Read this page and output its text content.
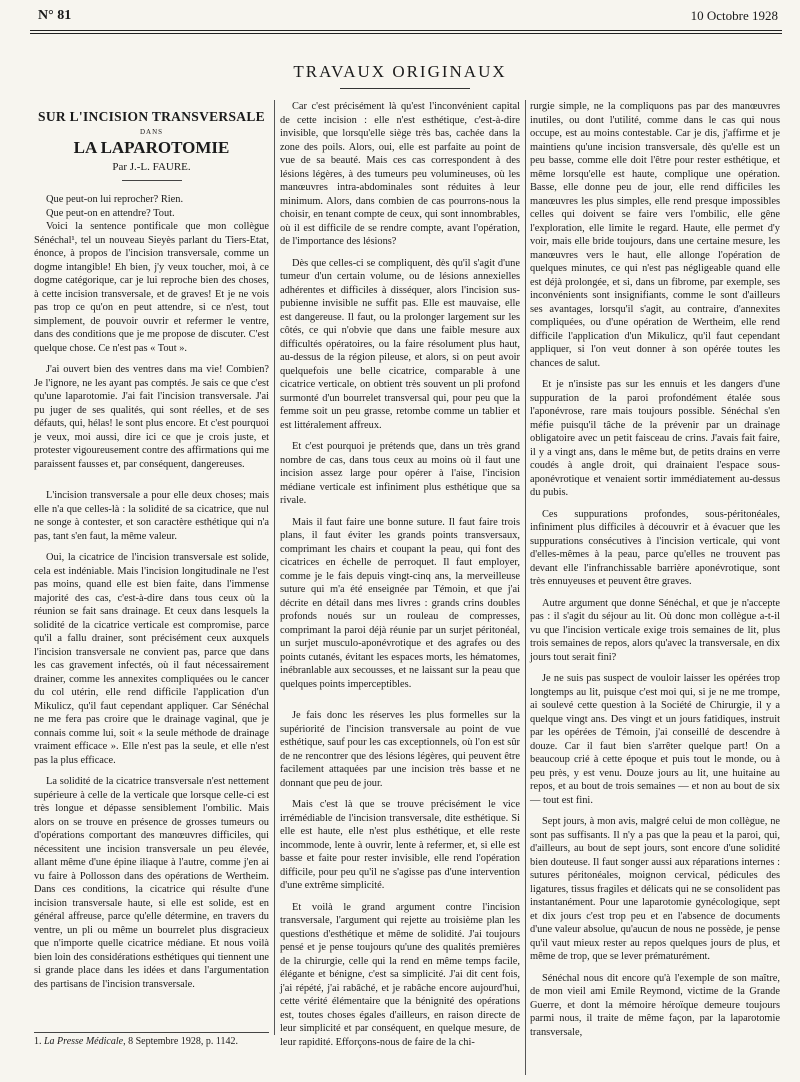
N° 81	10 Octobre 1928
TRAVAUX ORIGINAUX
SUR L'INCISION TRANSVERSALE
DANS
LA LAPAROTOMIE
Par J.-L. FAURE.

Que peut-on lui reprocher? Rien.

Que peut-on en attendre? Tout.

Voici la sentence pontificale que mon collègue Sénéchal¹, tel un nouveau Sieyès parlant du Tiers-Etat, énonce, à propos de l'incision transversale, comme un dogme intangible! Eh bien, j'y veux toucher, moi, à ce dogme catégorique, car je lui reproche bien des choses, à cette incision transversale, et de graves! Et je ne vois pas trop ce qu'on en peut attendre, si ce n'est, tout simplement, de pouvoir ouvrir et refermer le ventre, dans des conditions que je me propose de discuter. C'est quelque chose. Ce n'est pas « Tout ».

J'ai ouvert bien des ventres dans ma vie! Combien? Je l'ignore, ne les ayant pas comptés. Je sais ce que c'est qu'une laparotomie. J'ai fait l'incision transversale. J'ai pu juger de ses qualités, qui sont réelles, et de ses défauts, qui, hélas! le sont plus encore. Et c'est pourquoi je veux, moi aussi, dire ici ce que je crois juste, et protester vigoureusement contre des affirmations qui me paraissent fausses et, par conséquent, dangereuses.

L'incision transversale a pour elle deux choses; mais elle n'a que celles-là : la solidité de sa cicatrice, que nul ne songe à contester, et son caractère esthétique qui n'a pas, tant s'en faut, la même valeur.

Oui, la cicatrice de l'incision transversale est solide, cela est indéniable. Mais l'incision longitudinale ne l'est pas moins, quand elle est bien faite, dans l'immense majorité des cas, c'est-à-dire dans tous ceux où la réunion se fait sans drainage. Et ceux dans lesquels la solidité de la cicatrice verticale est compromise, parce qu'il a fallu drainer, sont précisément ceux auxquels l'incision transversale ne convient pas, parce que dans les cas gravement infectés, où il faut nécessairement drainer, comme les annexites compliquées ou le cancer du col utérin, elle rend difficile l'application d'un Mikulicz, qu'il faut cependant appliquer. Car Sénéchal ne me fera pas croire que le drainage vaginal, que je connais comme lui, soit « la seule méthode de drainage vraiment efficace ». Elle n'est pas la seule, et elle n'est pas la plus efficace.

La solidité de la cicatrice transversale n'est nettement supérieure à celle de la verticale que lorsque celle-ci est très longue et dépasse sensiblement l'ombilic. Mais alors on se trouve en présence de grosses tumeurs ou d'opérations comportant des manœuvres difficiles, qui nécessitent une incision transversale un peu élevée, allant même d'une épine iliaque à l'autre, comme j'en ai vu faire à Pollosson dans des opérations de Wertheim. Dans ces conditions, la cicatrice qui résulte d'une incision transversale haute, si elle est solide, est en général affreuse, parce qu'elle détermine, en travers du ventre, un pli ou même un bourrelet plus disgracieux que n'importe quelle cicatrice médiane. Et nous voilà bien loin des considérations esthétiques qui tiennent une si grande place dans les idées et dans l'argumentation des partisans de l'incision transversale.

Car c'est précisément là qu'est l'inconvénient capital de cette incision : elle n'est esthétique, c'est-à-dire invisible, que lorsqu'elle siège très bas, cachée dans la zone des poils. Alors, oui, elle est parfaite au point de vue de sa beauté. Mais ces cas correspondent à des lésions légères, à des tumeurs peu volumineuses, où les manœuvres intra-abdominales sont réduites à leur minimum. Alors, dans combien de cas pourrons-nous la choisir, en tenant compte de ceux, qui sont innombrables, où il est difficile de se rendre compte, avant l'opération, de l'importance des lésions?

Dès que celles-ci se compliquent, dès qu'il s'agit d'une tumeur d'un certain volume, ou de lésions annexielles adhérentes et difficiles à disséquer, alors l'incision sus-pubienne invisible ne suffit pas. Elle est mauvaise, elle est dangereuse. Il faut, ou la prolonger largement sur les côtés, ce qui n'obvie que dans une faible mesure aux difficultés opératoires, ou la faire résolument plus haut, au-dessus de la région pileuse, et alors, si on peut avoir quelquefois une belle cicatrice, comparable à une cicatrice verticale, on obtient très souvent un pli profond surmonté d'un bourrelet transversal qui, pour peu que la femme soit un peu grasse, retombe comme un tablier et est littéralement affreux.

Et c'est pourquoi je prétends que, dans un très grand nombre de cas, dans tous ceux au moins où il faut une incision assez large pour opérer à l'aise, l'incision médiane verticale est infiniment plus esthétique que sa rivale.

Mais il faut faire une bonne suture. Il faut faire trois plans, il faut éviter les grands points transversaux, comprimant les chairs et coupant la peau, qui font des cicatrices en échelle de perroquet. Il faut employer, comme je le fais depuis vingt-cinq ans, la merveilleuse suture qui m'a été enseignée par Témoin, et que j'ai décrite en détail dans mes livres : grands crins doubles profonds noués sur un rouleau de compresses, comprimant la paroi déjà réunie par un surjet péritonéal, un surjet musculo-aponévrotique et des agrafes ou des points cutanés, évitant les espaces morts, les hématomes, inébranlable aux secousses, et ne laissant sur la peau que quelques points imperceptibles.

Je fais donc les réserves les plus formelles sur la supériorité de l'incision transversale au point de vue esthétique, sauf pour les cas exceptionnels, où l'on est sûr de ne rencontrer que des lésions légères, qui peuvent être facilement attaquées par une incision très basse et ne donnant que peu de jour.

Mais c'est là que se trouve précisément le vice irrémédiable de l'incision transversale, dite esthétique. Si elle est haute, elle n'est plus esthétique, et elle reste incommode, lente à ouvrir, lente à refermer, et, si elle est basse et faite pour rester invisible, elle rend l'opération difficile, pour peu qu'il ne s'agisse pas d'une intervention d'une extrême simplicité.

Et voilà le grand argument contre l'incision transversale, l'argument qui rejette au troisième plan les questions d'esthétique et même de solidité. J'ai toujours pensé et je pense toujours qu'une des qualités premières de la chirurgie, celle qui la rend en même temps facile, élégante et bénigne, c'est sa simplicité. J'ai dit cent fois, j'ai répété, j'ai rabâché, et je rabâche encore aujourd'hui, cette vérité élémentaire que la bénignité des opérations est, toutes choses égales d'ailleurs, en raison directe de leur simplicité et par conséquent, en quelque mesure, de leur rapidité. Efforçons-nous de faire de la chi-

rurgie simple, ne la compliquons pas par des manœuvres inutiles, ou dont l'utilité, comme dans le cas qui nous occupe, est au moins contestable. Car je dis, j'affirme et je maintiens qu'une incision transversale, dès qu'elle est un peu basse, comme elle doit l'être pour rester esthétique, et même lorsqu'elle est haute, complique une opération. Basse, elle donne peu de jour, elle rend difficiles les manœuvres les plus simples, elle rend presque impossibles celles qui doivent se faire vers l'ombilic, elle gêne l'exploration, elle limite le regard. Haute, elle permet d'y voir, mais elle bride toujours, dans une certaine mesure, les manœuvres vers le haut, elle allonge l'opération de quelques minutes, ce qui n'est pas négligeable quand elle est déjà prolongée, et si, dans un fibrome, par exemple, ses inconvénients sont insignifiants, comme le sont d'ailleurs ses avantages, lorsqu'il s'agit, au contraire, d'annexites compliquées, ou d'une opération de Wertheim, elle rend difficile l'application d'un Mikulicz, qu'il faut cependant appliquer, si l'on veut donner à son opérée toutes les chances de salut.

Et je n'insiste pas sur les ennuis et les dangers d'une suppuration de la paroi profondément étalée sous l'aponévrose, rare mais toujours possible. Sénéchal s'en méfie puisqu'il tâche de la prévenir par un drainage obligatoire avec un petit faisceau de crins. J'avais fait faire, il y a vingt ans, dans le même but, de petits drains en verre coudés à angle droit, qui drainaient l'espace sous-aponévrotique et venaient sortir immédiatement au-dessus du pubis.

Ces suppurations profondes, sous-péritonéales, infiniment plus difficiles à découvrir et à évacuer que les suppurations consécutives à l'incision verticale, qui vont d'elles-mêmes à la peau, parce qu'elles ne trouvent pas devant elle l'infranchissable barrière aponévrotique, sont très ennuyeuses et peuvent être graves.

Autre argument que donne Sénéchal, et que je n'accepte pas : il s'agit du séjour au lit. Où donc mon collègue a-t-il vu que l'incision verticale exige trois semaines de lit, plus trois semaines de repos, alors qu'avec la transversale, en dix jours tout serait fini?

Je ne suis pas suspect de vouloir laisser les opérées trop longtemps au lit, puisque c'est moi qui, si je ne me trompe, ai soulevé cette question à la Société de Chirurgie, il y a quelque vingt ans. Des vingt et un jours fatidiques, instruit par les opérées de Témoin, j'ai conseillé de descendre à douze. Car il faut bien s'arrêter quelque part! On a beaucoup crié à cette époque et puis tout le monde, ou à peu près, y est venu. Douze jours au lit, une huitaine au repos, et au bout de trois semaines — et non au bout de six — tout est fini.

Sept jours, à mon avis, malgré celui de mon collègue, ne sont pas suffisants. Il n'y a pas que la peau et la paroi, qui, d'ailleurs, au bout de sept jours, sont encore d'une solidité bien douteuse. Il faut songer aussi aux réparations internes : sutures péritonéales, moignon cervical, pédicules des ligatures, tissus fragiles et délicats qui ne se consolident pas instantanément. Pour une laparotomie gynécologique, sept et dix jours c'est trop peu et en l'absence de documents d'une valeur absolue, qu'aucun de nous ne possède, je pense qu'il vaut mieux rester au repos quelques jours de plus, et même de trop, que se lever prématurément.

Sénéchal nous dit encore qu'à l'exemple de son maître, de mon vieil ami Emile Reymond, victime de la Grande Guerre, et dont la mémoire héroïque demeure toujours parmi nous, il traite de même façon, par la laparotomie transversale,

1. La Presse Médicale, 8 Septembre 1928, p. 1142.
